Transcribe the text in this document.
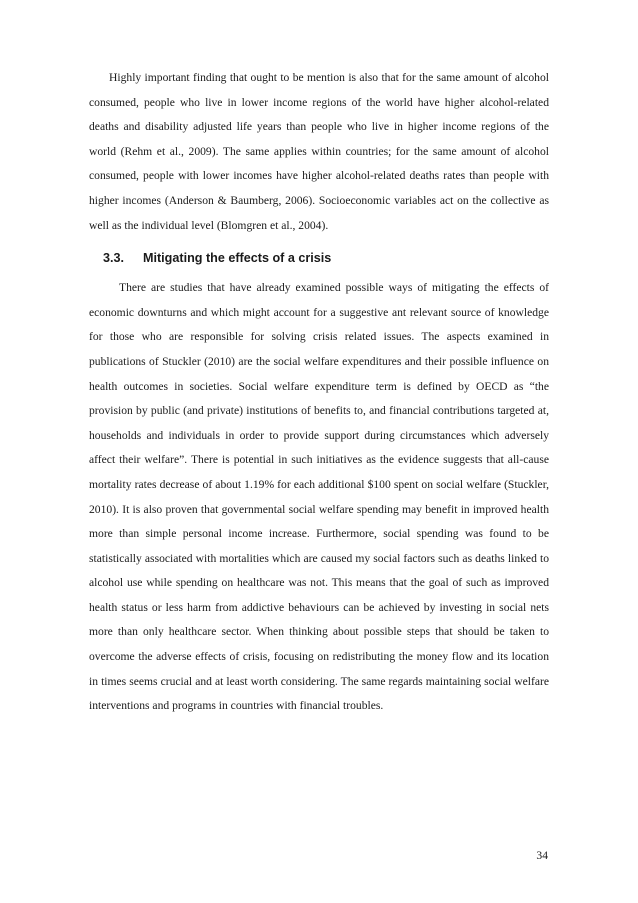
Highly important finding that ought to be mention is also that for the same amount of alcohol consumed, people who live in lower income regions of the world have higher alcohol-related deaths and disability adjusted life years than people who live in higher income regions of the world (Rehm et al., 2009). The same applies within countries; for the same amount of alcohol consumed, people with lower incomes have higher alcohol-related deaths rates than people with higher incomes (Anderson & Baumberg, 2006). Socioeconomic variables act on the collective as well as the individual level (Blomgren et al., 2004).

3.3. Mitigating the effects of a crisis

There are studies that have already examined possible ways of mitigating the effects of economic downturns and which might account for a suggestive ant relevant source of knowledge for those who are responsible for solving crisis related issues. The aspects examined in publications of Stuckler (2010) are the social welfare expenditures and their possible influence on health outcomes in societies. Social welfare expenditure term is defined by OECD as “the provision by public (and private) institutions of benefits to, and financial contributions targeted at, households and individuals in order to provide support during circumstances which adversely affect their welfare”. There is potential in such initiatives as the evidence suggests that all-cause mortality rates decrease of about 1.19% for each additional $100 spent on social welfare (Stuckler, 2010). It is also proven that governmental social welfare spending may benefit in improved health more than simple personal income increase. Furthermore, social spending was found to be statistically associated with mortalities which are caused my social factors such as deaths linked to alcohol use while spending on healthcare was not. This means that the goal of such as improved health status or less harm from addictive behaviours can be achieved by investing in social nets more than only healthcare sector. When thinking about possible steps that should be taken to overcome the adverse effects of crisis, focusing on redistributing the money flow and its location in times seems crucial and at least worth considering. The same regards maintaining social welfare interventions and programs in countries with financial troubles.

34
